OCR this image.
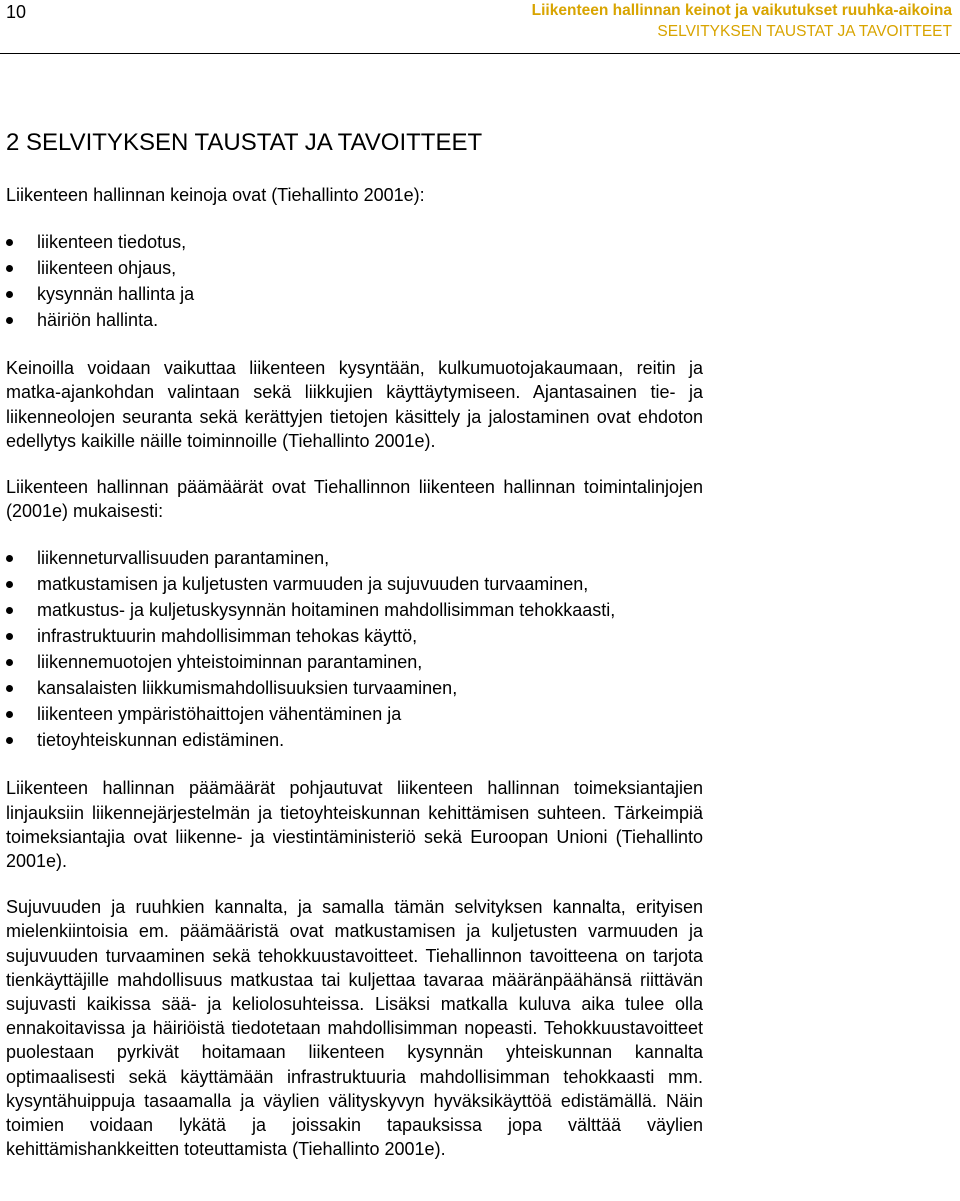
10	Liikenteen hallinnan keinot ja vaikutukset ruuhka-aikoina
SELVITYKSEN TAUSTAT JA TAVOITTEET
2 SELVITYKSEN TAUSTAT JA TAVOITTEET

Liikenteen hallinnan keinoja ovat (Tiehallinto 2001e):

liikenteen tiedotus,
liikenteen ohjaus,
kysynnän hallinta ja
häiriön hallinta.

Keinoilla voidaan vaikuttaa liikenteen kysyntään, kulkumuotojakaumaan, reitin ja matka-ajankohdan valintaan sekä liikkujien käyttäytymiseen. Ajantasainen tie- ja liikenneolojen seuranta sekä kerättyjen tietojen käsittely ja jalostaminen ovat ehdoton edellytys kaikille näille toiminnoille (Tiehallinto 2001e).

Liikenteen hallinnan päämäärät ovat Tiehallinnon liikenteen hallinnan toimintalinjojen (2001e) mukaisesti:

liikenneturvallisuuden parantaminen,
matkustamisen ja kuljetusten varmuuden ja sujuvuuden turvaaminen,
matkustus- ja kuljetuskysynnän hoitaminen mahdollisimman tehokkaasti,
infrastruktuurin mahdollisimman tehokas käyttö,
liikennemuotojen yhteistoiminnan parantaminen,
kansalaisten liikkumismahdollisuuksien turvaaminen,
liikenteen ympäristöhaittojen vähentäminen ja
tietoyhteiskunnan edistäminen.

Liikenteen hallinnan päämäärät pohjautuvat liikenteen hallinnan toimeksiantajien linjauksiin liikennejärjestelmän ja tietoyhteiskunnan kehittämisen suhteen. Tärkeimpiä toimeksiantajia ovat liikenne- ja viestintäministeriö sekä Euroopan Unioni (Tiehallinto 2001e).

Sujuvuuden ja ruuhkien kannalta, ja samalla tämän selvityksen kannalta, erityisen mielenkiintoisia em. päämääristä ovat matkustamisen ja kuljetusten varmuuden ja sujuvuuden turvaaminen sekä tehokkuustavoitteet. Tiehallinnon tavoitteena on tarjota tienkäyttäjille mahdollisuus matkustaa tai kuljettaa tavaraa määränpäähänsä riittävän sujuvasti kaikissa sää- ja keliolosuhteissa. Lisäksi matkalla kuluva aika tulee olla ennakoitavissa ja häiriöistä tiedotetaan mahdollisimman nopeasti. Tehokkuustavoitteet puolestaan pyrkivät hoitamaan liikenteen kysynnän yhteiskunnan kannalta optimaalisesti sekä käyttämään infrastruktuuria mahdollisimman tehokkaasti mm. kysyntähuippuja tasaamalla ja väylien välityskyvyn hyväksikäyttöä edistämällä. Näin toimien voidaan lykätä ja joissakin tapauksissa jopa välttää väylien kehittämishankkeitten toteuttamista (Tiehallinto 2001e).
